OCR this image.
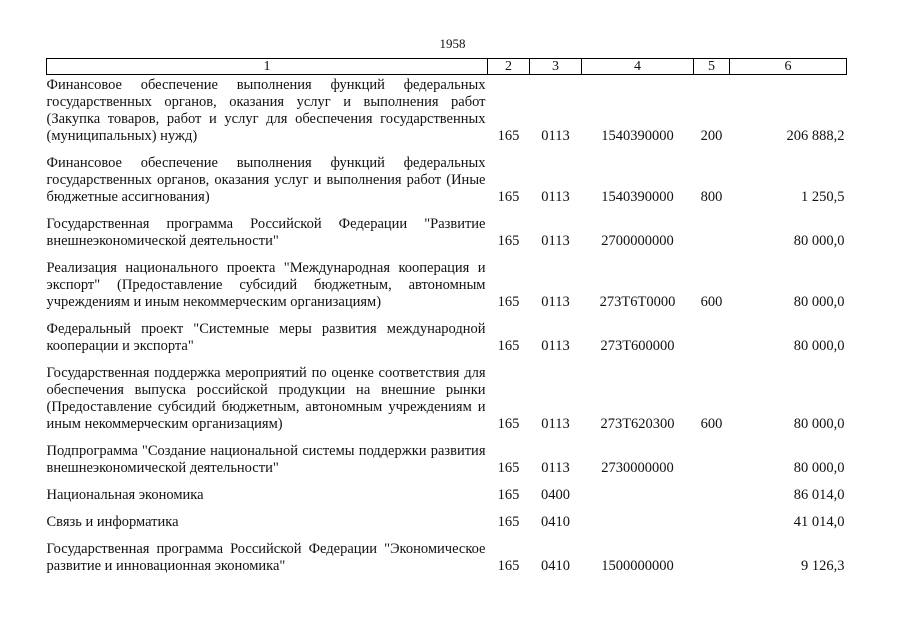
1958
1	2	3	4	5	6
Финансовое обеспечение выполнения функций федеральных государственных органов, оказания услуг и выполнения работ (Закупка товаров, работ и услуг для обеспечения государственных (муниципальных) нужд)	165	0113	1540390000	200	206 888,2
Финансовое обеспечение выполнения функций федеральных государственных органов, оказания услуг и выполнения работ (Иные бюджетные ассигнования)	165	0113	1540390000	800	1 250,5
Государственная программа Российской Федерации "Развитие внешнеэкономической деятельности"	165	0113	2700000000		80 000,0
Реализация национального проекта "Международная кооперация и экспорт" (Предоставление субсидий бюджетным, автономным учреждениям и иным некоммерческим организациям)	165	0113	273Т6Т0000	600	80 000,0
Федеральный проект "Системные меры развития международной кооперации и экспорта"	165	0113	273Т600000		80 000,0
Государственная поддержка мероприятий по оценке соответствия для обеспечения выпуска российской продукции на внешние рынки (Предоставление субсидий бюджетным, автономным учреждениям и иным некоммерческим организациям)	165	0113	273Т620300	600	80 000,0
Подпрограмма "Создание национальной системы поддержки развития внешнеэкономической деятельности"	165	0113	2730000000		80 000,0
Национальная экономика	165	0400			86 014,0
Связь и информатика	165	0410			41 014,0
Государственная программа Российской Федерации "Экономическое развитие и инновационная экономика"	165	0410	1500000000		9 126,3
